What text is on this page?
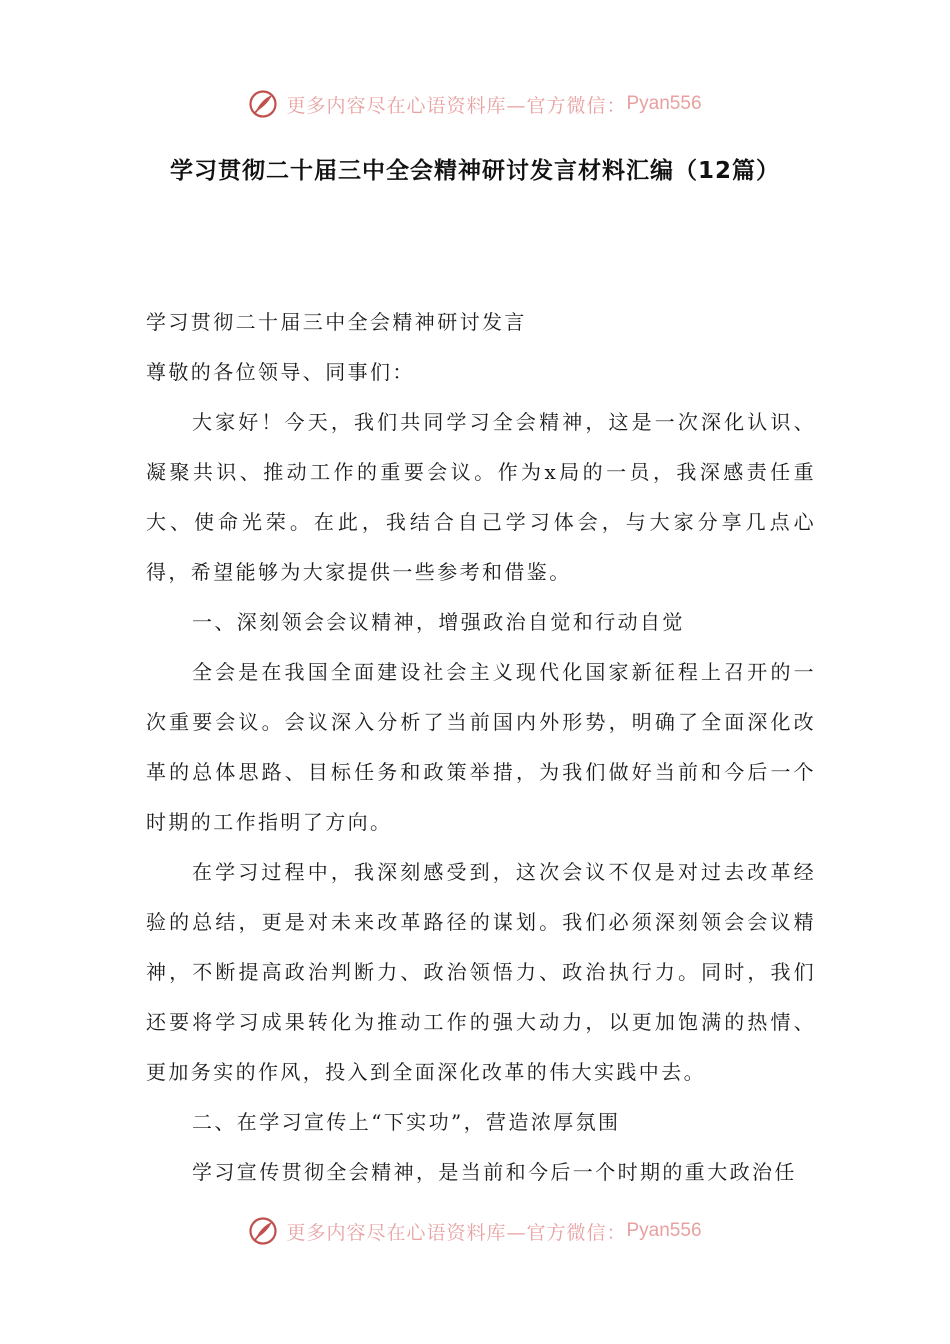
更多内容尽在心语资料库—官方微信： Pyan556
学习贯彻二十届三中全会精神研讨发言材料汇编（12篇）
学习贯彻二十届三中全会精神研讨发言
尊敬的各位领导、同事们：

大家好！今天，我们共同学习全会精神，这是一次深化认识、凝聚共识、推动工作的重要会议。作为x局的一员，我深感责任重大、使命光荣。在此，我结合自己学习体会，与大家分享几点心得，希望能够为大家提供一些参考和借鉴。

一、深刻领会会议精神，增强政治自觉和行动自觉

全会是在我国全面建设社会主义现代化国家新征程上召开的一次重要会议。会议深入分析了当前国内外形势，明确了全面深化改革的总体思路、目标任务和政策举措，为我们做好当前和今后一个时期的工作指明了方向。

在学习过程中，我深刻感受到，这次会议不仅是对过去改革经验的总结，更是对未来改革路径的谋划。我们必须深刻领会会议精神，不断提高政治判断力、政治领悟力、政治执行力。同时，我们还要将学习成果转化为推动工作的强大动力，以更加饱满的热情、更加务实的作风，投入到全面深化改革的伟大实践中去。

二、在学习宣传上“下实功”，营造浓厚氛围

学习宣传贯彻全会精神，是当前和今后一个时期的重大政治任

更多内容尽在心语资料库—官方微信： Pyan556
